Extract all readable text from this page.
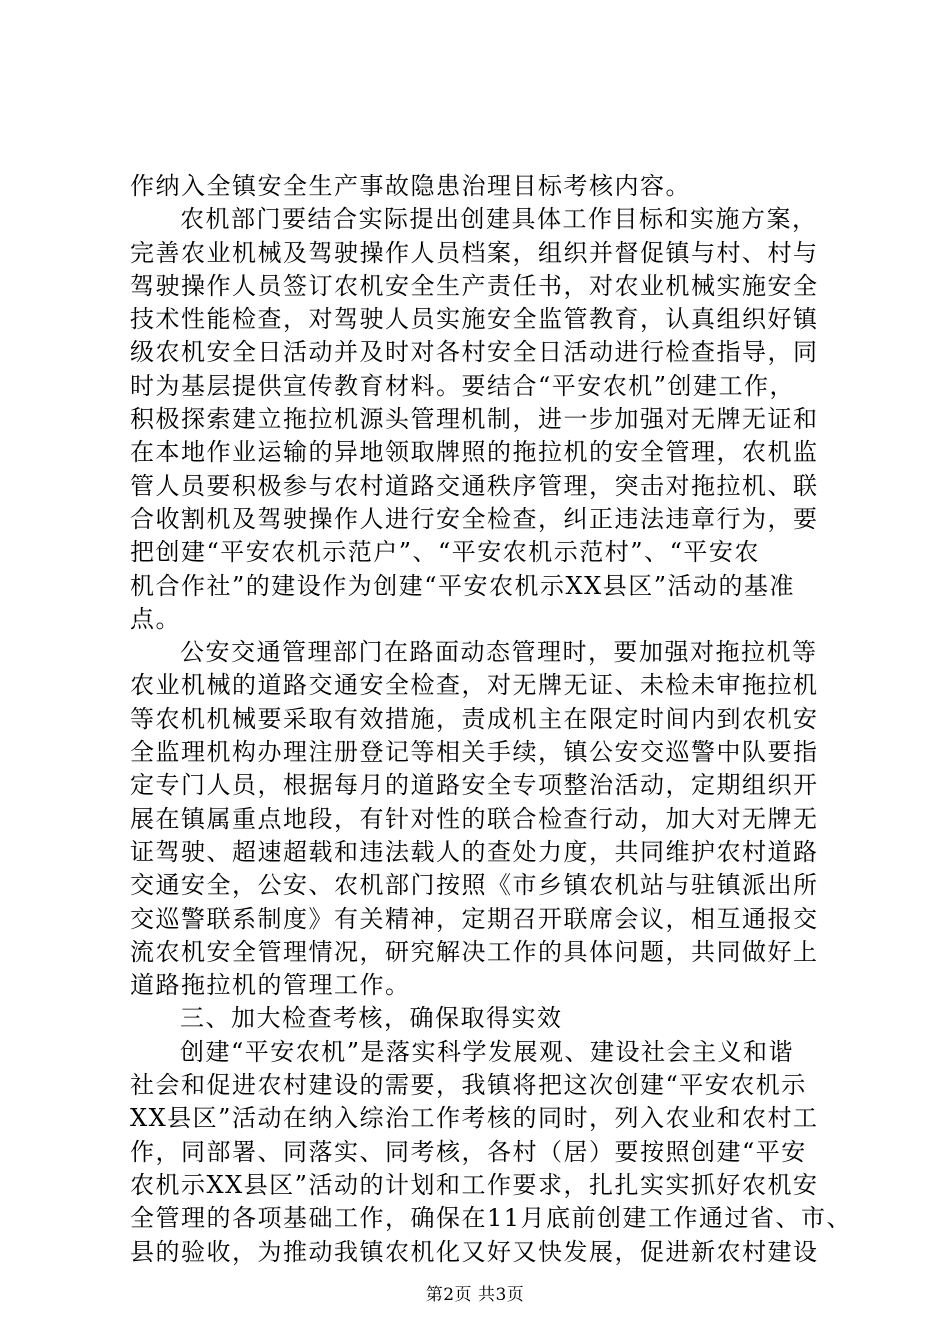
作纳入全镇安全生产事故隐患治理目标考核内容。
农机部门要结合实际提出创建具体工作目标和实施方案，
完善农业机械及驾驶操作人员档案，组织并督促镇与村、村与
驾驶操作人员签订农机安全生产责任书，对农业机械实施安全
技术性能检查，对驾驶人员实施安全监管教育，认真组织好镇
级农机安全日活动并及时对各村安全日活动进行检查指导，同
时为基层提供宣传教育材料。要结合“平安农机”创建工作，
积极探索建立拖拉机源头管理机制，进一步加强对无牌无证和
在本地作业运输的异地领取牌照的拖拉机的安全管理，农机监
管人员要积极参与农村道路交通秩序管理，突击对拖拉机、联
合收割机及驾驶操作人进行安全检查，纠正违法违章行为，要
把创建“平安农机示范户”、“平安农机示范村”、“平安农
机合作社”的建设作为创建“平安农机示XX县区”活动的基准
点。
公安交通管理部门在路面动态管理时，要加强对拖拉机等
农业机械的道路交通安全检查，对无牌无证、未检未审拖拉机
等农机机械要采取有效措施，责成机主在限定时间内到农机安
全监理机构办理注册登记等相关手续，镇公安交巡警中队要指
定专门人员，根据每月的道路安全专项整治活动，定期组织开
展在镇属重点地段，有针对性的联合检查行动，加大对无牌无
证驾驶、超速超载和违法载人的查处力度，共同维护农村道路
交通安全，公安、农机部门按照《市乡镇农机站与驻镇派出所
交巡警联系制度》有关精神，定期召开联席会议，相互通报交
流农机安全管理情况，研究解决工作的具体问题，共同做好上
道路拖拉机的管理工作。
三、加大检查考核，确保取得实效
创建“平安农机”是落实科学发展观、建设社会主义和谐
社会和促进农村建设的需要，我镇将把这次创建“平安农机示
XX县区”活动在纳入综治工作考核的同时，列入农业和农村工
作，同部署、同落实、同考核，各村（居）要按照创建“平安
农机示XX县区”活动的计划和工作要求，扎扎实实抓好农机安
全管理的各项基础工作，确保在11月底前创建工作通过省、市、
县的验收，为推动我镇农机化又好又快发展，促进新农村建设
第2页 共3页
